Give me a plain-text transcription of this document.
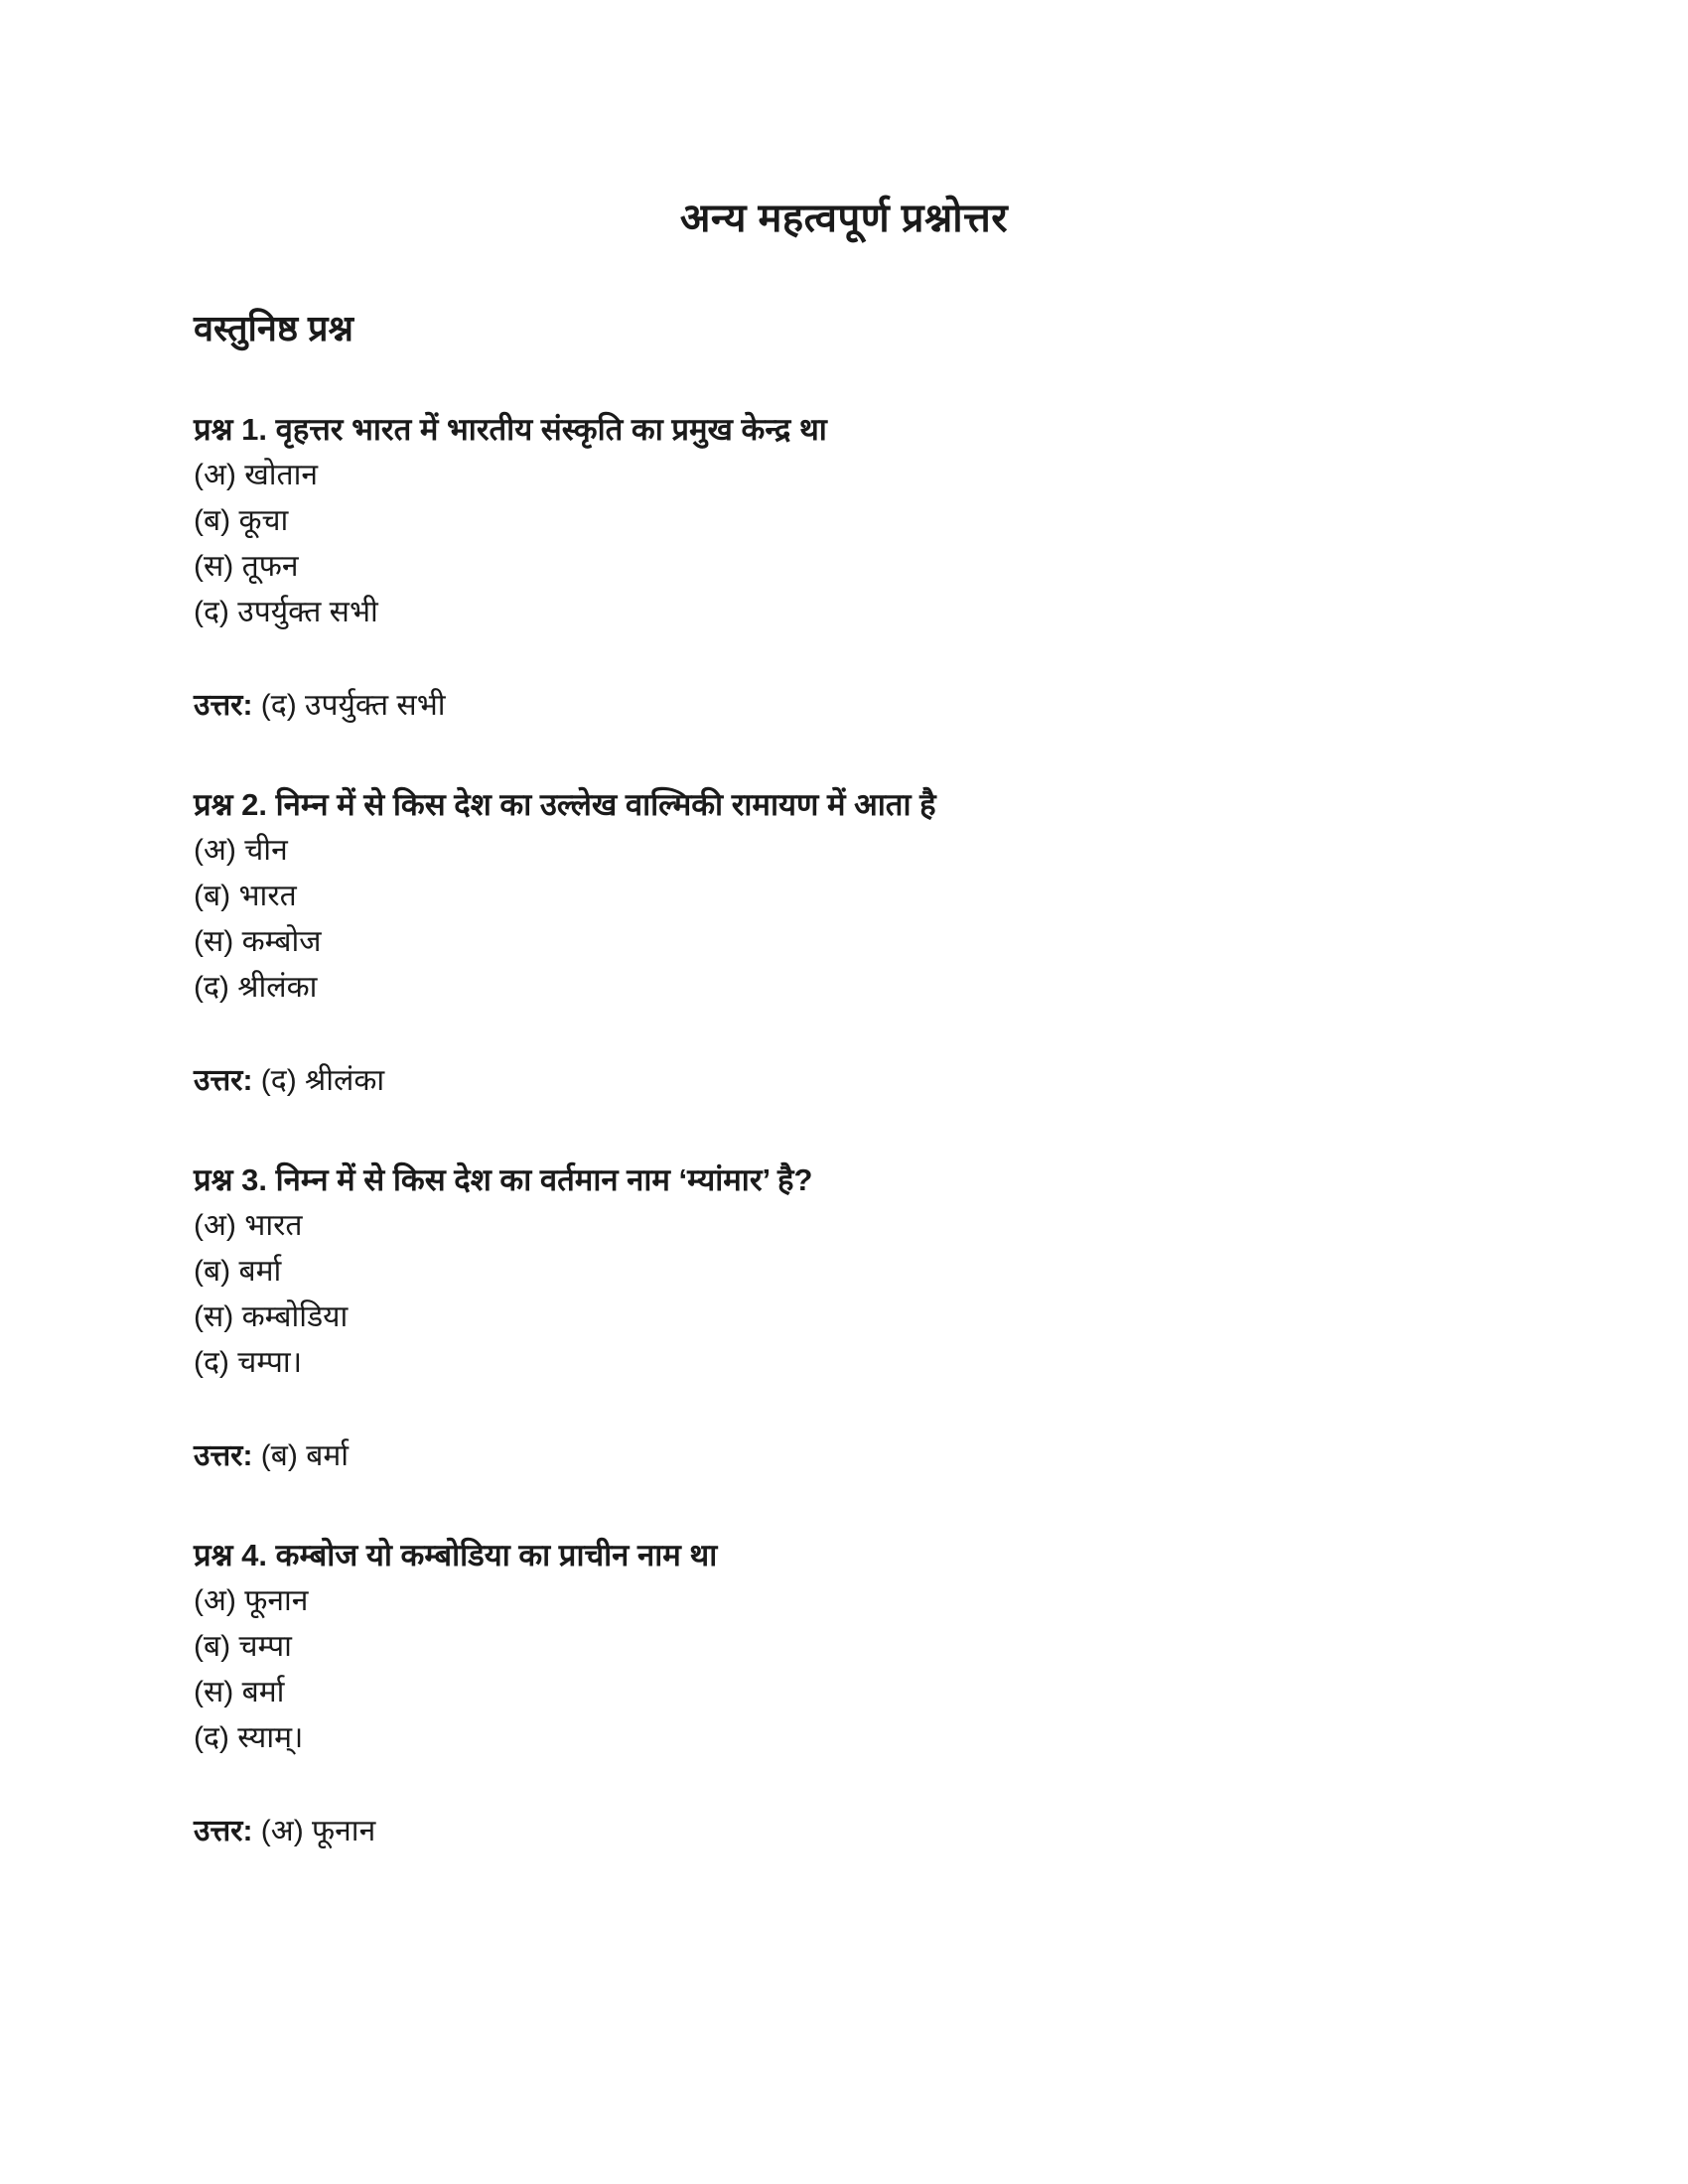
अन्य महत्वपूर्ण प्रश्नोत्तर
वस्तुनिष्ठ प्रश्न

प्रश्न 1. वृहत्तर भारत में भारतीय संस्कृति का प्रमुख केन्द्र था

(अ) खोतान

(ब) कूचा

(स) तूफन

(द) उपर्युक्त सभी

उत्तर: (द) उपर्युक्त सभी

प्रश्न 2. निम्न में से किस देश का उल्लेख वाल्मिकी रामायण में आता है

(अ) चीन

(ब) भारत

(स) कम्बोज

(द) श्रीलंका

उत्तर: (द) श्रीलंका

प्रश्न 3. निम्न में से किस देश का वर्तमान नाम ‘म्यांमार’ है?

(अ) भारत

(ब) बर्मा

(स) कम्बोडिया

(द) चम्पा।

उत्तर: (ब) बर्मा

प्रश्न 4. कम्बोज यो कम्बोडिया का प्राचीन नाम था

(अ) फूनान

(ब) चम्पा

(स) बर्मा

(द) स्याम्।

उत्तर: (अ) फूनान
